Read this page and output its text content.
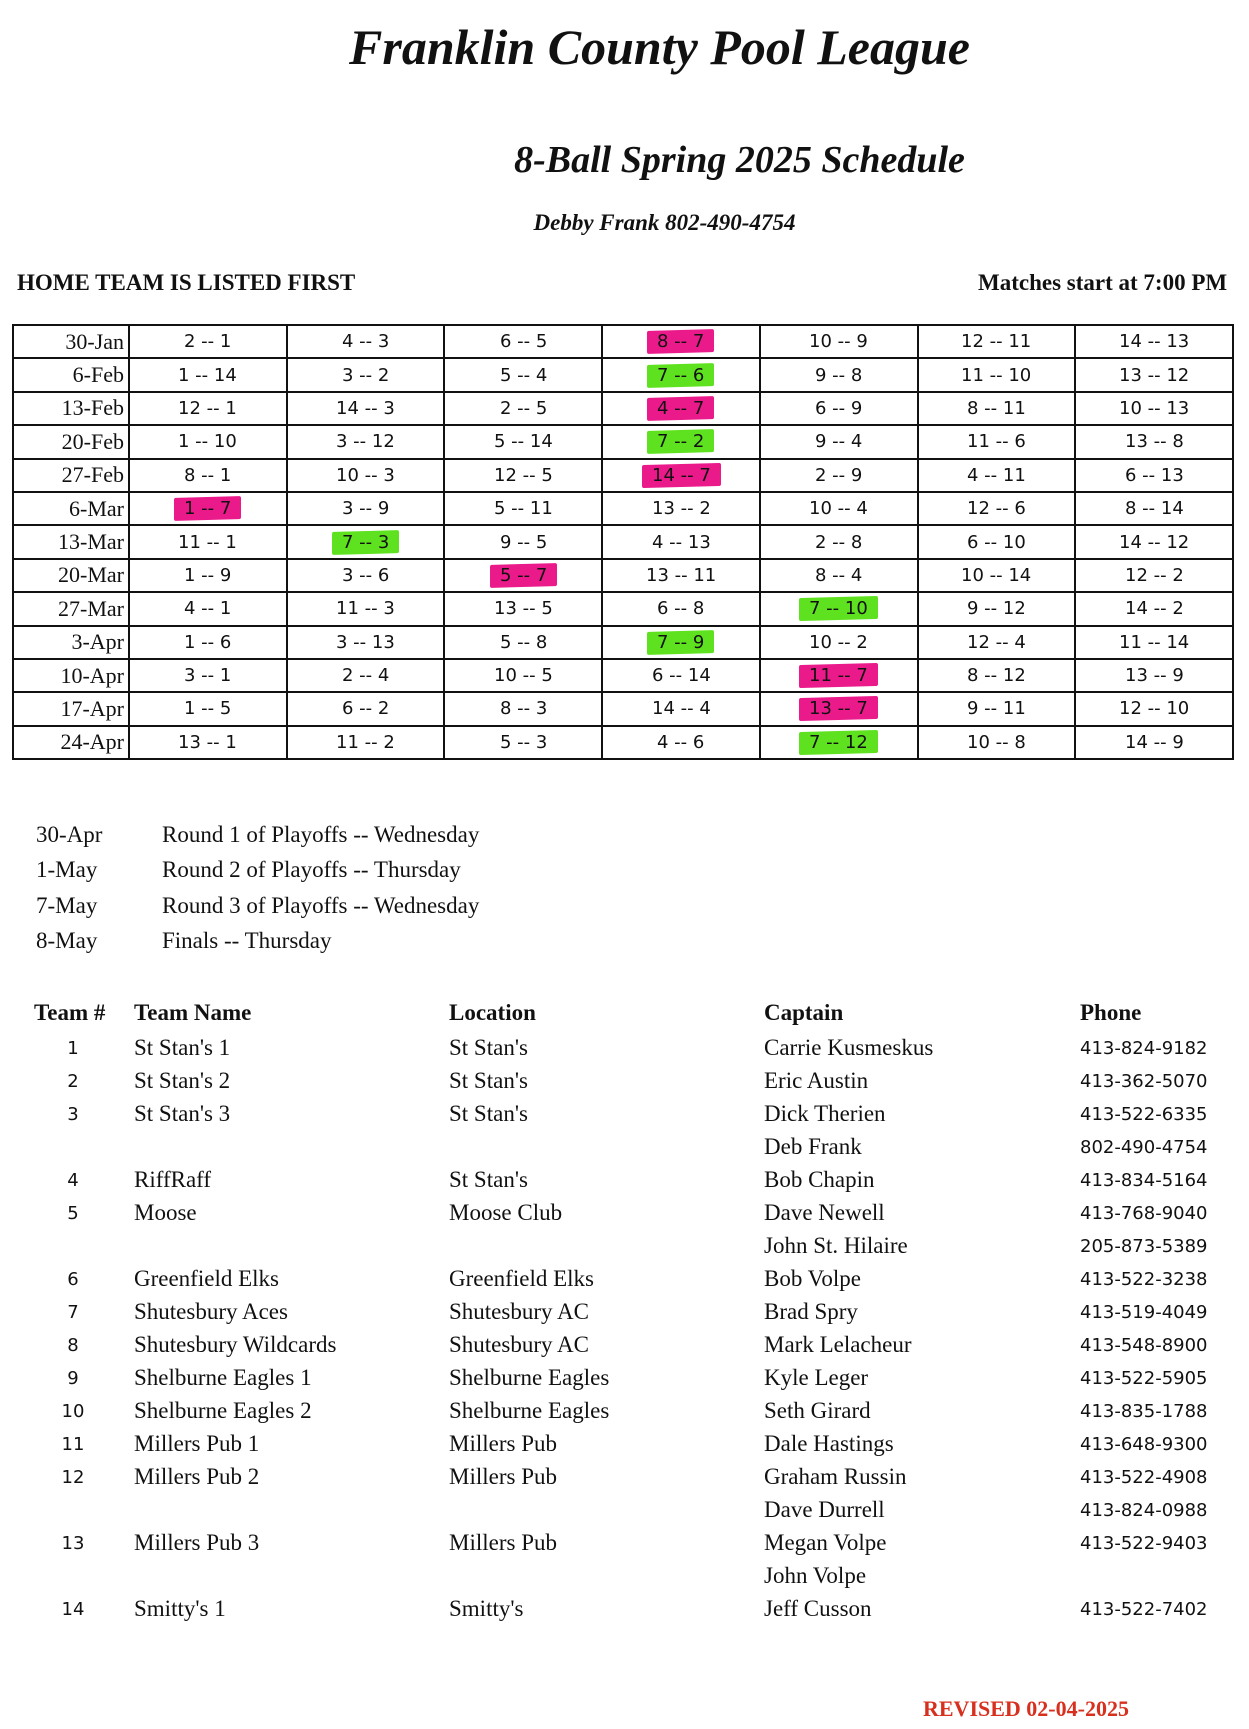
Franklin County Pool League
8-Ball Spring 2025 Schedule
Debby Frank 802-490-4754
HOME TEAM IS LISTED FIRST	Matches start at 7:00 PM
30-Jan	2 -- 1	4 -- 3	6 -- 5	8 -- 7	10 -- 9	12 -- 11	14 -- 13
6-Feb	1 -- 14	3 -- 2	5 -- 4	7 -- 6	9 -- 8	11 -- 10	13 -- 12
13-Feb	12 -- 1	14 -- 3	2 -- 5	4 -- 7	6 -- 9	8 -- 11	10 -- 13
20-Feb	1 -- 10	3 -- 12	5 -- 14	7 -- 2	9 -- 4	11 -- 6	13 -- 8
27-Feb	8 -- 1	10 -- 3	12 -- 5	14 -- 7	2 -- 9	4 -- 11	6 -- 13
6-Mar	1 -- 7	3 -- 9	5 -- 11	13 -- 2	10 -- 4	12 -- 6	8 -- 14
13-Mar	11 -- 1	7 -- 3	9 -- 5	4 -- 13	2 -- 8	6 -- 10	14 -- 12
20-Mar	1 -- 9	3 -- 6	5 -- 7	13 -- 11	8 -- 4	10 -- 14	12 -- 2
27-Mar	4 -- 1	11 -- 3	13 -- 5	6 -- 8	7 -- 10	9 -- 12	14 -- 2
3-Apr	1 -- 6	3 -- 13	5 -- 8	7 -- 9	10 -- 2	12 -- 4	11 -- 14
10-Apr	3 -- 1	2 -- 4	10 -- 5	6 -- 14	11 -- 7	8 -- 12	13 -- 9
17-Apr	1 -- 5	6 -- 2	8 -- 3	14 -- 4	13 -- 7	9 -- 11	12 -- 10
24-Apr	13 -- 1	11 -- 2	5 -- 3	4 -- 6	7 -- 12	10 -- 8	14 -- 9
30-Apr	Round 1 of Playoffs -- Wednesday
1-May	Round 2 of Playoffs -- Thursday
7-May	Round 3 of Playoffs -- Wednesday
8-May	Finals -- Thursday
Team # Team Name	Location	Captain	Phone
1	St Stan's 1	St Stan's	Carrie Kusmeskus	413-824-9182
2	St Stan's 2	St Stan's	Eric Austin	413-362-5070
3	St Stan's 3	St Stan's	Dick Therien	413-522-6335
Deb Frank	802-490-4754
4	RiffRaff	St Stan's	Bob Chapin	413-834-5164
5	Moose	Moose Club	Dave Newell	413-768-9040
John St. Hilaire	205-873-5389
6	Greenfield Elks	Greenfield Elks	Bob Volpe	413-522-3238
7	Shutesbury Aces	Shutesbury AC	Brad Spry	413-519-4049
8	Shutesbury Wildcards	Shutesbury AC	Mark Lelacheur	413-548-8900
9	Shelburne Eagles 1	Shelburne Eagles	Kyle Leger	413-522-5905
10 Shelburne Eagles 2	Shelburne Eagles	Seth Girard	413-835-1788
11 Millers Pub 1	Millers Pub	Dale Hastings	413-648-9300
12 Millers Pub 2	Millers Pub	Graham Russin	413-522-4908
Dave Durrell	413-824-0988
13 Millers Pub 3	Millers Pub	Megan Volpe	413-522-9403
John Volpe
14 Smitty's 1	Smitty's	Jeff Cusson	413-522-7402
REVISED 02-04-2025
